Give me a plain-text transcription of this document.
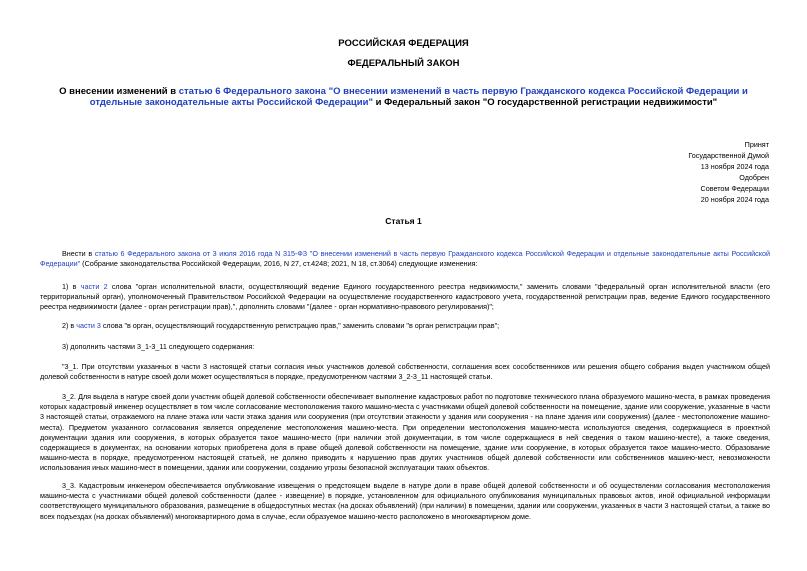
РОССИЙСКАЯ ФЕДЕРАЦИЯ
ФЕДЕРАЛЬНЫЙ ЗАКОН
О внесении изменений в статью 6 Федерального закона "О внесении изменений в часть первую Гражданского кодекса Российской Федерации и отдельные законодательные акты Российской Федерации" и Федеральный закон "О государственной регистрации недвижимости"
Принят
Государственной Думой
13 ноября 2024 года
Одобрен
Советом Федерации
20 ноября 2024 года
Статья 1
Внести в статью 6 Федерального закона от 3 июля 2016 года N 315-ФЗ "О внесении изменений в часть первую Гражданского кодекса Российской Федерации и отдельные законодательные акты Российской Федерации" (Собрание законодательства Российской Федерации, 2016, N 27, ст.4248; 2021, N 18, ст.3064) следующие изменения:
1) в части 2 слова "орган исполнительной власти, осуществляющий ведение Единого государственного реестра недвижимости," заменить словами "федеральный орган исполнительной власти (его территориальный орган), уполномоченный Правительством Российской Федерации на осуществление государственного кадастрового учета, государственной регистрации прав, ведение Единого государственного реестра недвижимости (далее - орган регистрации прав),", дополнить словами "(далее - орган нормативно-правового регулирования)";
2) в части 3 слова "в орган, осуществляющий государственную регистрацию прав," заменить словами "в орган регистрации прав";
3) дополнить частями 3_1-3_11 следующего содержания:
"3_1. При отсутствии указанных в части 3 настоящей статьи согласия иных участников долевой собственности, соглашения всех сособственников или решения общего собрания выдел участником общей долевой собственности в натуре своей доли может осуществляться в порядке, предусмотренном частями 3_2-3_11 настоящей статьи.
3_2. Для выдела в натуре своей доли участник общей долевой собственности обеспечивает выполнение кадастровых работ по подготовке технического плана образуемого машино-места, в рамках проведения которых кадастровый инженер осуществляет в том числе согласование местоположения такого машино-места с участниками общей долевой собственности на помещение, здание или сооружение, указанные в части 3 настоящей статьи, отражаемого на плане этажа или части этажа здания или сооружения (при отсутствии этажности у здания или сооружения - на плане здания или сооружения) (далее - местоположение машино-места). Предметом указанного согласования является определение местоположения машино-места. При определении местоположения машино-места используются сведения, содержащиеся в проектной документации здания или сооружения, в которых образуется такое машино-место (при наличии этой документации, в том числе содержащиеся в ней сведения о таком машино-месте), а также сведения, содержащиеся в документах, на основании которых приобретена доля в праве общей долевой собственности на помещение, здание или сооружение, в которых образуется такое машино-место. Образование машино-места в порядке, предусмотренном настоящей статьей, не должно приводить к нарушению прав других участников общей долевой собственности или собственников машино-мест, невозможности использования иных машино-мест в помещении, здании или сооружении, созданию угрозы безопасной эксплуатации таких объектов.
3_3. Кадастровым инженером обеспечивается опубликование извещения о предстоящем выделе в натуре доли в праве общей долевой собственности и об осуществлении согласования местоположения машино-места с участниками общей долевой собственности (далее - извещение) в порядке, установленном для официального опубликования муниципальных правовых актов, иной официальной информации соответствующего муниципального образования, размещение в общедоступных местах (на досках объявлений) (при наличии) в помещении, здании или сооружении, указанных в части 3 настоящей статьи, а также во всех подъездах (на досках объявлений) многоквартирного дома в случае, если образуемое машино-место расположено в многоквартирном доме.
